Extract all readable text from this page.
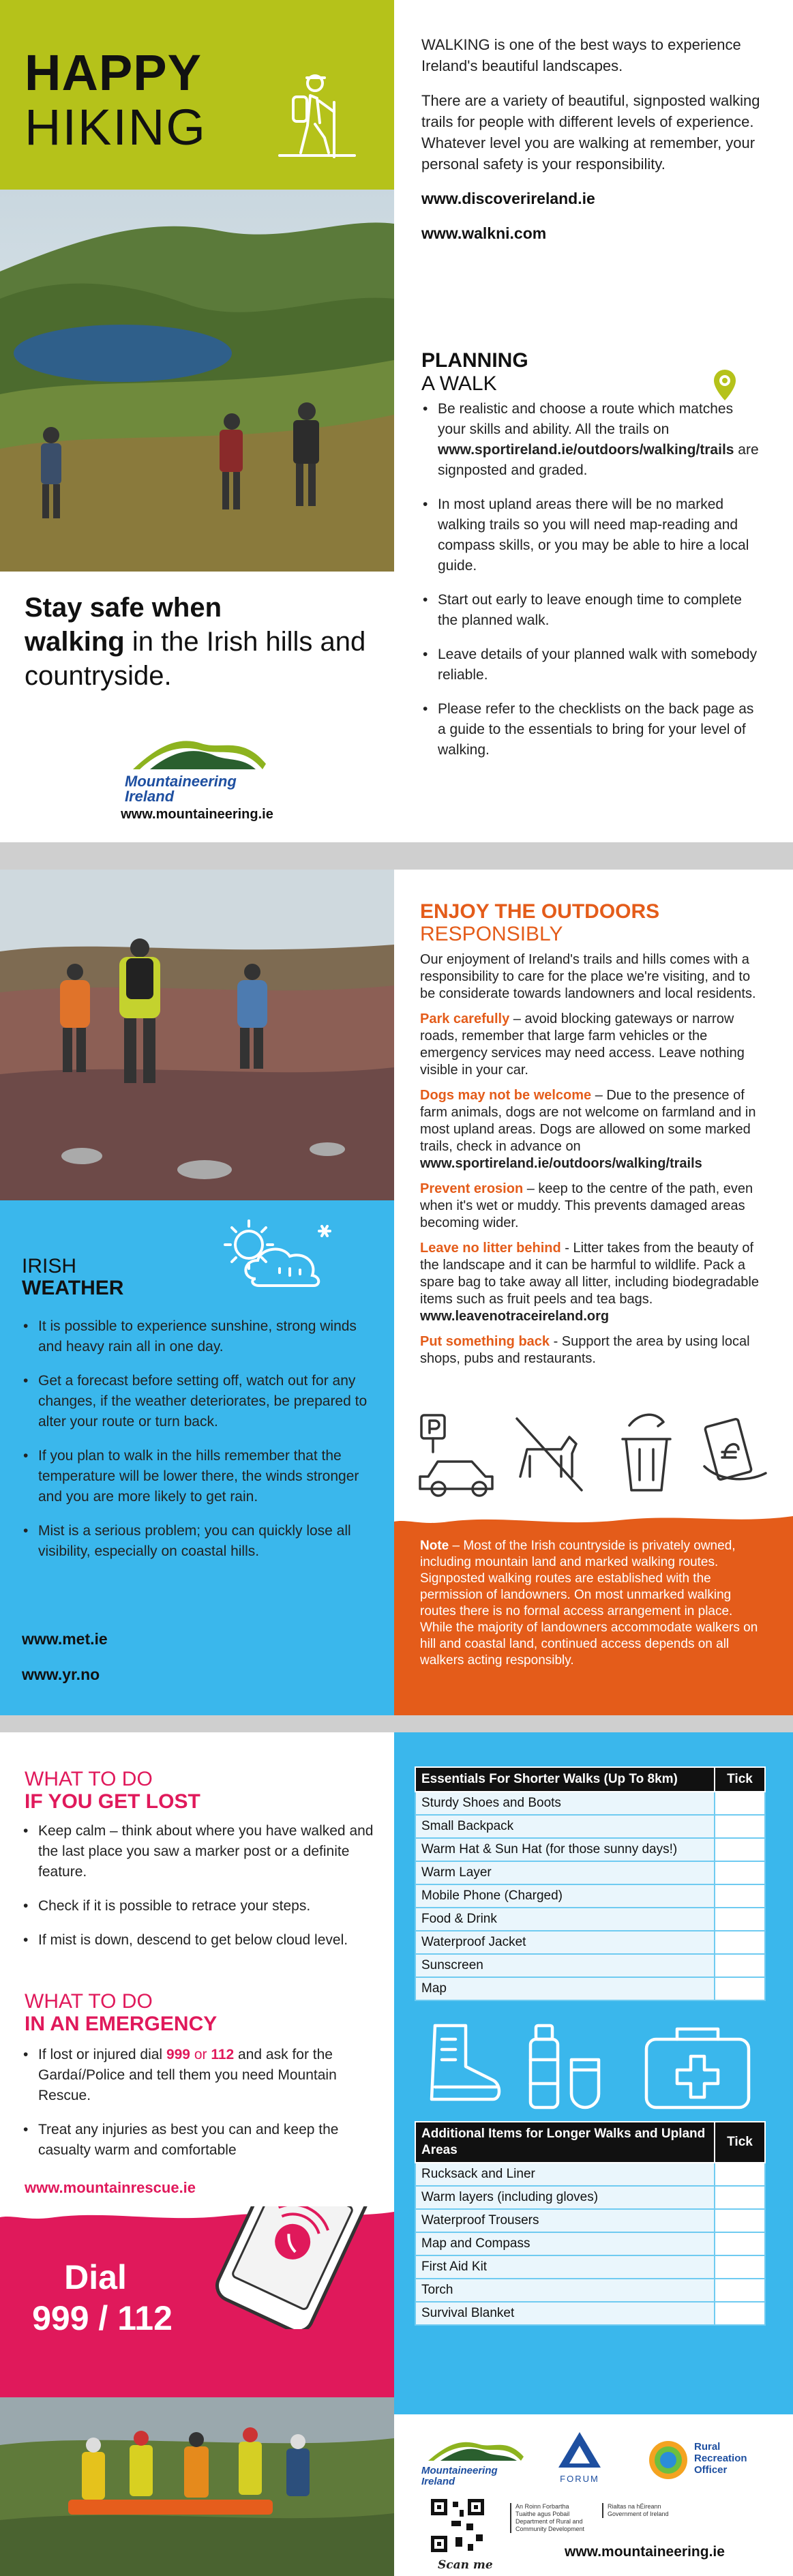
HAPPY
HIKING
Stay safe when
walking in the Irish hills and countryside.
Mountaineering
Ireland
www.mountaineering.ie

WALKING is one of the best ways to experience Ireland's beautiful landscapes.

There are a variety of beautiful, signposted walking trails for people with different levels of experience. Whatever level you are walking at remember, your personal safety is your responsibility.

www.discoverireland.ie

www.walkni.com

PLANNING
A WALK
• Be realistic and choose a route which matches your skills and ability. All the trails on www.sportireland.ie/outdoors/walking/trails are signposted and graded.
• In most upland areas there will be no marked walking trails so you will need map-reading and compass skills, or you may be able to hire a local guide.
• Start out early to leave enough time to complete the planned walk.
• Leave details of your planned walk with somebody reliable.
• Please refer to the checklists on the back page as a guide to the essentials to bring for your level of walking.
IRISH
WEATHER
• It is possible to experience sunshine, strong winds and heavy rain all in one day.
• Get a forecast before setting off, watch out for any changes, if the weather deteriorates, be prepared to alter your route or turn back.
• If you plan to walk in the hills remember that the temperature will be lower there, the winds stronger and you are more likely to get rain.
• Mist is a serious problem; you can quickly lose all visibility, especially on coastal hills.
www.met.ie
www.yr.no
ENJOY THE OUTDOORS
RESPONSIBLY

Our enjoyment of Ireland's trails and hills comes with a responsibility to care for the place we're visiting, and to be considerate towards landowners and local residents.

Park carefully – avoid blocking gateways or narrow roads, remember that large farm vehicles or the emergency services may need access. Leave nothing visible in your car.

Dogs may not be welcome – Due to the presence of farm animals, dogs are not welcome on farmland and in most upland areas. Dogs are allowed on some marked trails, check in advance on www.sportireland.ie/outdoors/walking/trails

Prevent erosion – keep to the centre of the path, even when it's wet or muddy. This prevents damaged areas becoming wider.

Leave no litter behind - Litter takes from the beauty of the landscape and it can be harmful to wildlife. Pack a spare bag to take away all litter, including biodegradable items such as fruit peels and tea bags. www.leavenotraceireland.org

Put something back - Support the area by using local shops, pubs and restaurants.

Note – Most of the Irish countryside is privately owned, including mountain land and marked walking routes. Signposted walking routes are established with the permission of landowners. On most unmarked walking routes there is no formal access arrangement in place. While the majority of landowners accommodate walkers on hill and coastal land, continued access depends on all walkers acting responsibly.

WHAT TO DO
IF YOU GET LOST
• Keep calm – think about where you have walked and the last place you saw a marker post or a definite feature.
• Check if it is possible to retrace your steps.
• If mist is down, descend to get below cloud level.
WHAT TO DO
IN AN EMERGENCY
• If lost or injured dial 999 or 112 and ask for the Gardaí/Police and tell them you need Mountain Rescue.
• Treat any injuries as best you can and keep the casualty warm and comfortable
www.mountainrescue.ie
Dial
999 / 112
Essentials For Shorter Walks (Up To 8km)	Tick
Sturdy Shoes and Boots	
Small Backpack	
Warm Hat & Sun Hat (for those sunny days!)	
Warm Layer	
Mobile Phone (Charged)	
Food & Drink	
Waterproof Jacket	
Sunscreen	
Map	
Additional Items for Longer Walks and Upland Areas	Tick
Rucksack and Liner	
Warm layers (including gloves)	
Waterproof Trousers	
Map and Compass	
First Aid Kit	
Torch	
Survival Blanket	
Mountaineering
Ireland	FORUM
Rural
Recreation
Officer
Scan me
An Roinn Forbartha
Tuaithe agus Pobail
Department of Rural and
Community Development
Rialtas na hÉireann
Government of Ireland
www.mountaineering.ie
